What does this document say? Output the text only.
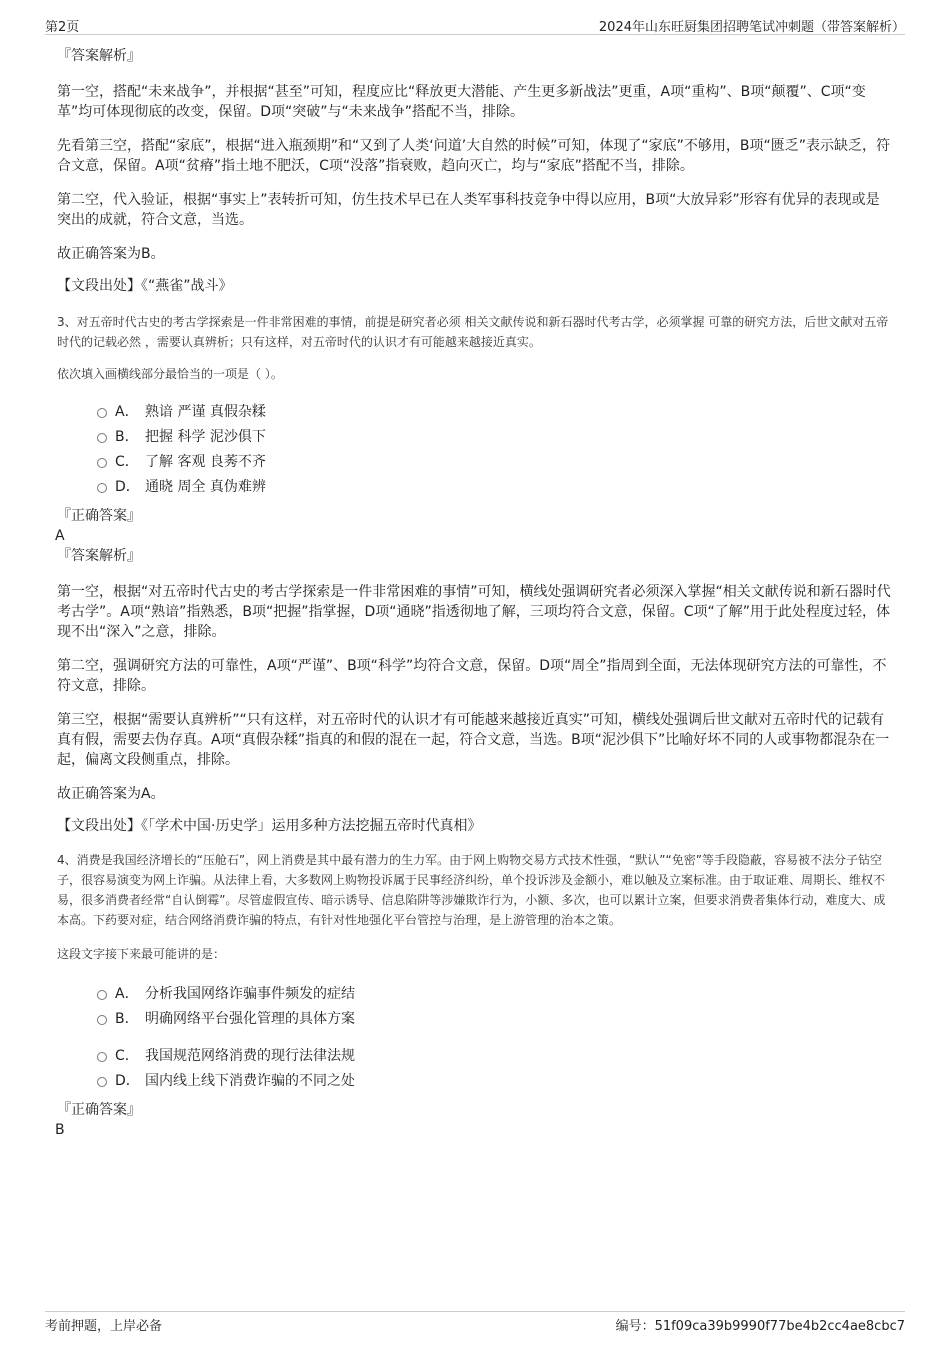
第2页	2024年山东旺厨集团招聘笔试冲刺题（带答案解析）

『答案解析』

第一空，搭配“未来战争”，并根据“甚至”可知，程度应比“释放更大潜能、产生更多新战法”更重，A项“重构”、B项“颠覆”、C项“变革”均可体现彻底的改变，保留。D项“突破”与“未来战争”搭配不当，排除。

先看第三空，搭配“家底”，根据“进入瓶颈期”和“又到了人类‘问道’大自然的时候”可知，体现了“家底”不够用，B项“匮乏”表示缺乏，符合文意，保留。A项“贫瘠”指土地不肥沃，C项“没落”指衰败，趋向灭亡，均与“家底”搭配不当，排除。

第二空，代入验证，根据“事实上”表转折可知，仿生技术早已在人类军事科技竞争中得以应用，B项“大放异彩”形容有优异的表现或是突出的成就，符合文意，当选。

故正确答案为B。

【文段出处】《“燕雀”战斗》

3、对五帝时代古史的考古学探索是一件非常困难的事情，前提是研究者必须 相关文献传说和新石器时代考古学，必须掌握 可靠的研究方法，后世文献对五帝时代的记载必然 ，需要认真辨析；只有这样，对五帝时代的认识才有可能越来越接近真实。

依次填入画横线部分最恰当的一项是（ ）。

A． 熟谙 严谨 真假杂糅
B． 把握 科学 泥沙俱下
C． 了解 客观 良莠不齐
D． 通晓 周全 真伪难辨

『正确答案』

A

『答案解析』

第一空，根据“对五帝时代古史的考古学探索是一件非常困难的事情”可知，横线处强调研究者必须深入掌握“相关文献传说和新石器时代考古学”。A项“熟谙”指熟悉，B项“把握”指掌握，D项“通晓”指透彻地了解，三项均符合文意，保留。C项“了解”用于此处程度过轻，体现不出“深入”之意，排除。

第二空，强调研究方法的可靠性，A项“严谨”、B项“科学”均符合文意，保留。D项“周全”指周到全面，无法体现研究方法的可靠性，不符文意，排除。

第三空，根据“需要认真辨析”“只有这样，对五帝时代的认识才有可能越来越接近真实”可知，横线处强调后世文献对五帝时代的记载有真有假，需要去伪存真。A项“真假杂糅”指真的和假的混在一起，符合文意，当选。B项“泥沙俱下”比喻好坏不同的人或事物都混杂在一起，偏离文段侧重点，排除。

故正确答案为A。

【文段出处】《「学术中国·历史学」运用多种方法挖掘五帝时代真相》

4、消费是我国经济增长的“压舱石”，网上消费是其中最有潜力的生力军。由于网上购物交易方式技术性强，“默认”“免密”等手段隐蔽，容易被不法分子钻空子，很容易演变为网上诈骗。从法律上看，大多数网上购物投诉属于民事经济纠纷，单个投诉涉及金额小，难以触及立案标准。由于取证难、周期长、维权不易，很多消费者经常“自认倒霉”。尽管虚假宣传、暗示诱导、信息陷阱等涉嫌欺诈行为，小额、多次，也可以累计立案，但要求消费者集体行动，难度大、成本高。下药要对症，结合网络消费诈骗的特点，有针对性地强化平台管控与治理，是上游管理的治本之策。

这段文字接下来最可能讲的是：

A． 分析我国网络诈骗事件频发的症结
B． 明确网络平台强化管理的具体方案
C． 我国规范网络消费的现行法律法规
D． 国内线上线下消费诈骗的不同之处

『正确答案』

B

考前押题，上岸必备	编号：51f09ca39b9990f77be4b2cc4ae8cbc7
